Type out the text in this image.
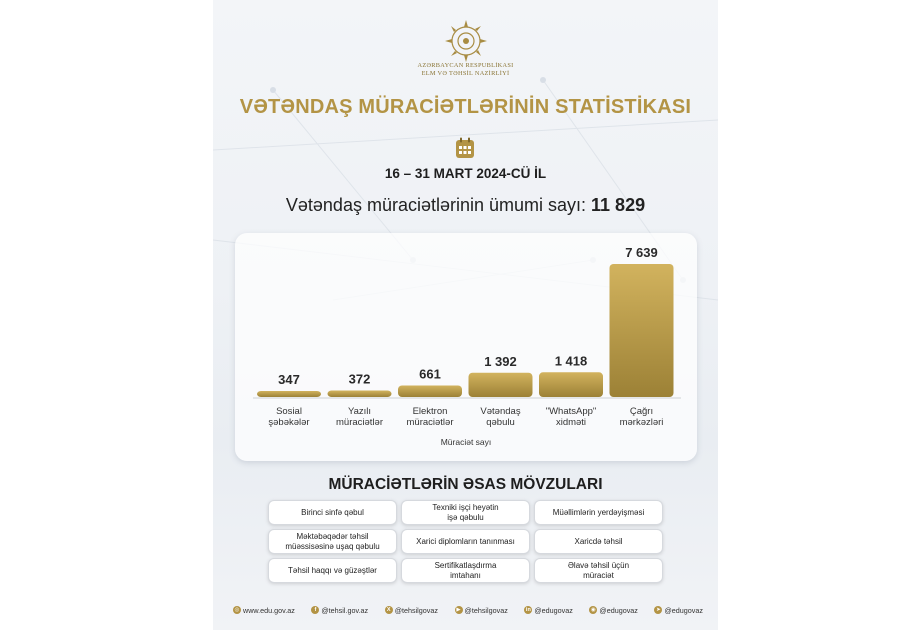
AZƏRBAYCAN RESPUBLİKASI
ELM VƏ TƏHSİL NAZİRLİYİ
VƏTƏNDAŞ MÜRACİƏTLƏRİNİN STATİSTİKASI
16 – 31 MART 2024-CÜ İL
Vətəndaş müraciətlərinin ümumi sayı: 11 829
347
Sosial
şəbəkələr
372
Yazılı
müraciətlər
661
Elektron
müraciətlər
1 392
Vətəndaş
qəbulu
1 418
"WhatsApp"
xidməti
7 639
Çağrı
mərkəzləri
Müraciət sayı
MÜRACİƏTLƏRİN ƏSAS MÖVZULARI
Birinci sinfə qəbul
Texniki işçi heyətin
işə qəbulu
Müəllimlərin yerdəyişməsi
Məktəbəqədər təhsil
müəssisəsinə uşaq qəbulu
Xarici diplomların tanınması	Xaricdə təhsil
Təhsil haqqı və güzəştlər
Sertifikatlaşdırma
imtahanı
Əlavə təhsil üçün
müraciət
◎ www.edu.gov.az	f @tehsil.gov.az	X @tehsilgovaz	▶ @tehsilgovaz	in @edugovaz	◉ @edugovaz	➤ @edugovaz
